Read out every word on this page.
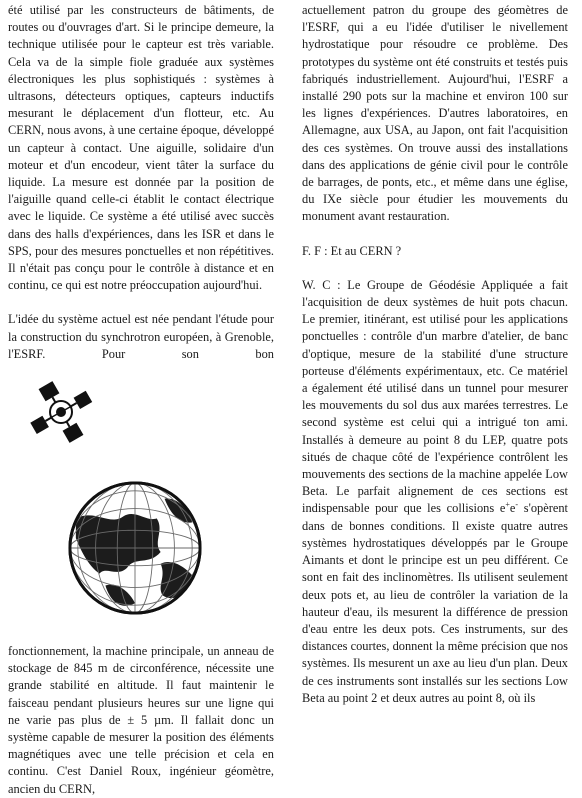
été utilisé par les constructeurs de bâtiments, de routes ou d'ouvrages d'art. Si le principe demeure, la technique utilisée pour le capteur est très variable. Cela va de la simple fiole graduée aux systèmes électroniques les plus sophistiqués : systèmes à ultrasons, détecteurs optiques, capteurs inductifs mesurant le déplacement d'un flotteur, etc. Au CERN, nous avons, à une certaine époque, développé un capteur à contact. Une aiguille, solidaire d'un moteur et d'un encodeur, vient tâter la surface du liquide. La mesure est donnée par la position de l'aiguille quand celle-ci établit le contact électrique avec le liquide. Ce système a été utilisé avec succès dans des halls d'expériences, dans les ISR et dans le SPS, pour des mesures ponctuelles et non répétitives. Il n'était pas conçu pour le contrôle à distance et en continu, ce qui est notre préoccupation aujourd'hui.

L'idée du système actuel est née pendant l'étude pour la construction du synchrotron européen, à Grenoble, l'ESRF. Pour son bon

fonctionnement, la machine principale, un anneau de stockage de 845 m de circonférence, nécessite une grande stabilité en altitude. Il faut maintenir le faisceau pendant plusieurs heures sur une ligne qui ne varie pas plus de ± 5 µm. Il fallait donc un système capable de mesurer la position des éléments magnétiques avec une telle précision et cela en continu. C'est Daniel Roux, ingénieur géomètre, ancien du CERN,

actuellement patron du groupe des géomètres de l'ESRF, qui a eu l'idée d'utiliser le nivellement hydrostatique pour résoudre ce problème. Des prototypes du système ont été construits et testés puis fabriqués industriellement. Aujourd'hui, l'ESRF a installé 290 pots sur la machine et environ 100 sur les lignes d'expériences. D'autres laboratoires, en Allemagne, aux USA, au Japon, ont fait l'acquisition des ces systèmes. On trouve aussi des installations dans des applications de génie civil pour le contrôle de barrages, de ponts, etc., et même dans une église, du IXe siècle pour étudier les mouvements du monument avant restauration.

F. F : Et au CERN ?

W. C : Le Groupe de Géodésie Appliquée a fait l'acquisition de deux systèmes de huit pots chacun. Le premier, itinérant, est utilisé pour les applications ponctuelles : contrôle d'un marbre d'atelier, de banc d'optique, mesure de la stabilité d'une structure porteuse d'éléments expérimentaux, etc. Ce matériel a également été utilisé dans un tunnel pour mesurer les mouvements du sol dus aux marées terrestres. Le second système est celui qui a intrigué ton ami. Installés à demeure au point 8 du LEP, quatre pots situés de chaque côté de l'expérience contrôlent les mouvements des sections de la machine appelée Low Beta. Le parfait alignement de ces sections est indispensable pour que les collisions e+e- s'opèrent dans de bonnes conditions. Il existe quatre autres systèmes hydrostatiques développés par le Groupe Aimants et dont le principe est un peu différent. Ce sont en fait des inclinomètres. Ils utilisent seulement deux pots et, au lieu de contrôler la variation de la hauteur d'eau, ils mesurent la différence de pression d'eau entre les deux pots. Ces instruments, sur des distances courtes, donnent la même précision que nos systèmes. Ils mesurent un axe au lieu d'un plan. Deux de ces instruments sont installés sur les sections Low Beta au point 2 et deux autres au point 8, où ils
